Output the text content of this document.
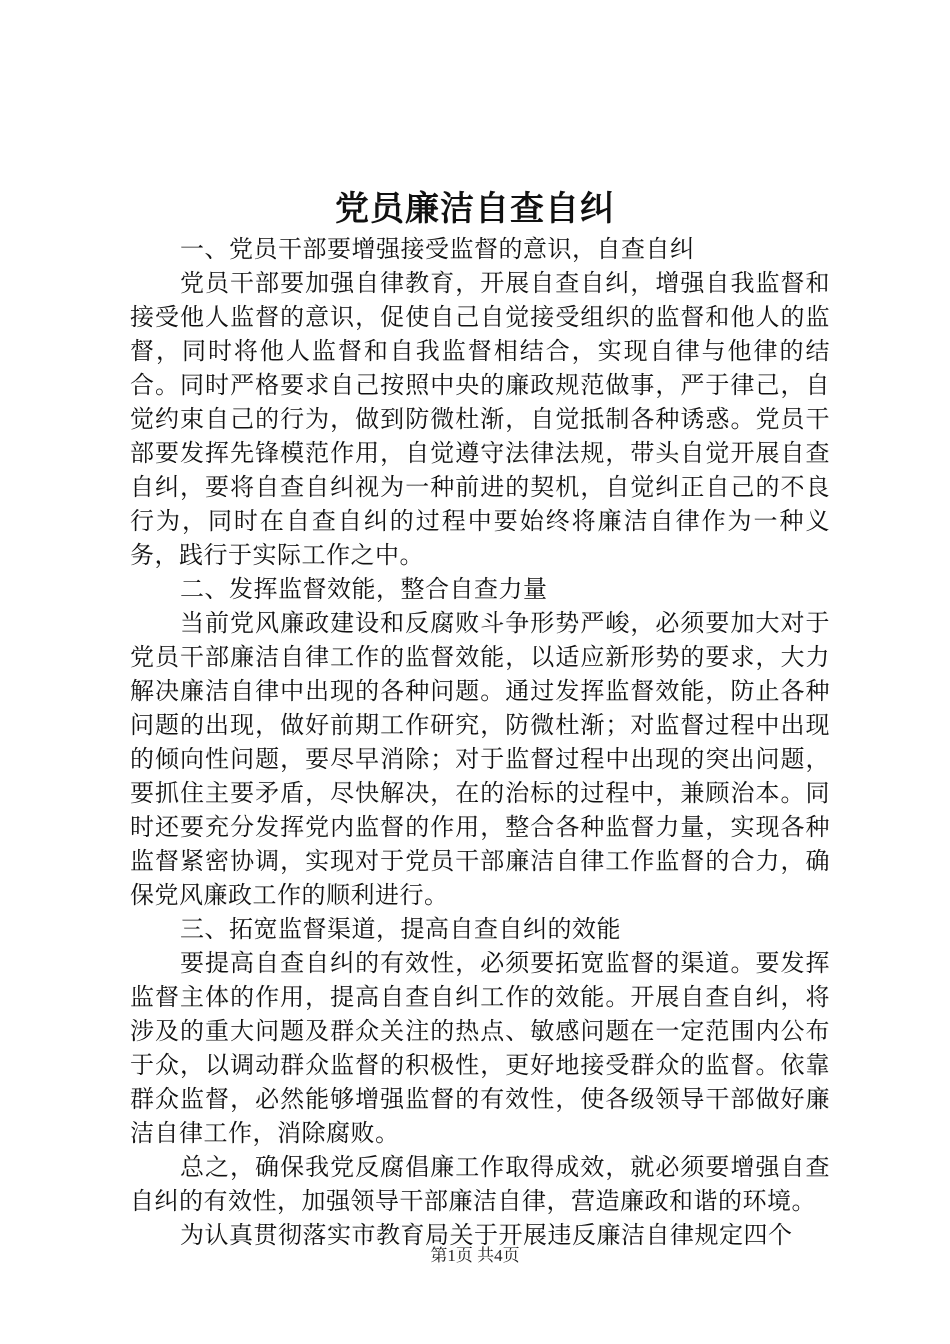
党员廉洁自查自纠

一、党员干部要增强接受监督的意识，自查自纠

党员干部要加强自律教育，开展自查自纠，增强自我监督和接受他人监督的意识，促使自己自觉接受组织的监督和他人的监督，同时将他人监督和自我监督相结合，实现自律与他律的结合。同时严格要求自己按照中央的廉政规范做事，严于律己，自觉约束自己的行为，做到防微杜渐，自觉抵制各种诱惑。党员干部要发挥先锋模范作用，自觉遵守法律法规，带头自觉开展自查自纠，要将自查自纠视为一种前进的契机，自觉纠正自己的不良行为，同时在自查自纠的过程中要始终将廉洁自律作为一种义务，践行于实际工作之中。

二、发挥监督效能，整合自查力量

当前党风廉政建设和反腐败斗争形势严峻，必须要加大对于党员干部廉洁自律工作的监督效能，以适应新形势的要求，大力解决廉洁自律中出现的各种问题。通过发挥监督效能，防止各种问题的出现，做好前期工作研究，防微杜渐；对监督过程中出现的倾向性问题，要尽早消除；对于监督过程中出现的突出问题，要抓住主要矛盾，尽快解决，在的治标的过程中，兼顾治本。同时还要充分发挥党内监督的作用，整合各种监督力量，实现各种监督紧密协调，实现对于党员干部廉洁自律工作监督的合力，确保党风廉政工作的顺利进行。

三、拓宽监督渠道，提高自查自纠的效能

要提高自查自纠的有效性，必须要拓宽监督的渠道。要发挥监督主体的作用，提高自查自纠工作的效能。开展自查自纠，将涉及的重大问题及群众关注的热点、敏感问题在一定范围内公布于众，以调动群众监督的积极性，更好地接受群众的监督。依靠群众监督，必然能够增强监督的有效性，使各级领导干部做好廉洁自律工作，消除腐败。

总之，确保我党反腐倡廉工作取得成效，就必须要增强自查自纠的有效性，加强领导干部廉洁自律，营造廉政和谐的环境。

为认真贯彻落实市教育局关于开展违反廉洁自律规定四个

第1页 共4页
